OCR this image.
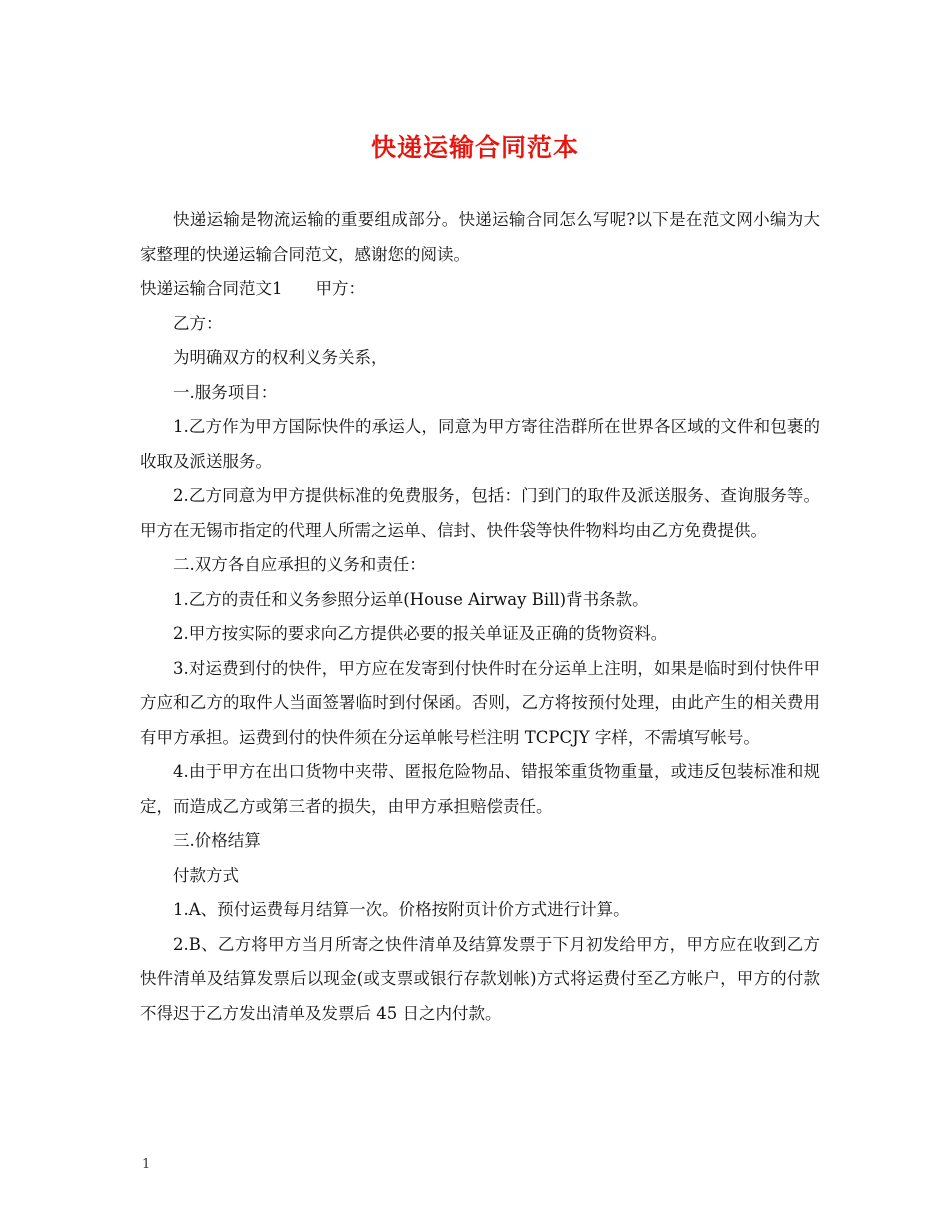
快递运输合同范本

快递运输是物流运输的重要组成部分。快递运输合同怎么写呢?以下是在范文网小编为大家整理的快递运输合同范文，感谢您的阅读。

快递运输合同范文1　　甲方：

乙方：

为明确双方的权利义务关系，

一.服务项目：

1.乙方作为甲方国际快件的承运人，同意为甲方寄往浩群所在世界各区域的文件和包裹的收取及派送服务。

2.乙方同意为甲方提供标准的免费服务，包括：门到门的取件及派送服务、查询服务等。甲方在无锡市指定的代理人所需之运单、信封、快件袋等快件物料均由乙方免费提供。

二.双方各自应承担的义务和责任：

1.乙方的责任和义务参照分运单(House Airway Bill)背书条款。

2.甲方按实际的要求向乙方提供必要的报关单证及正确的货物资料。

3.对运费到付的快件，甲方应在发寄到付快件时在分运单上注明，如果是临时到付快件甲方应和乙方的取件人当面签署临时到付保函。否则，乙方将按预付处理，由此产生的相关费用有甲方承担。运费到付的快件须在分运单帐号栏注明 TCPCJY 字样，不需填写帐号。

4.由于甲方在出口货物中夹带、匿报危险物品、错报笨重货物重量，或违反包装标准和规定，而造成乙方或第三者的损失，由甲方承担赔偿责任。

三.价格结算

付款方式

1.A、预付运费每月结算一次。价格按附页计价方式进行计算。

2.B、乙方将甲方当月所寄之快件清单及结算发票于下月初发给甲方，甲方应在收到乙方快件清单及结算发票后以现金(或支票或银行存款划帐)方式将运费付至乙方帐户，甲方的付款不得迟于乙方发出清单及发票后 45 日之内付款。

1
